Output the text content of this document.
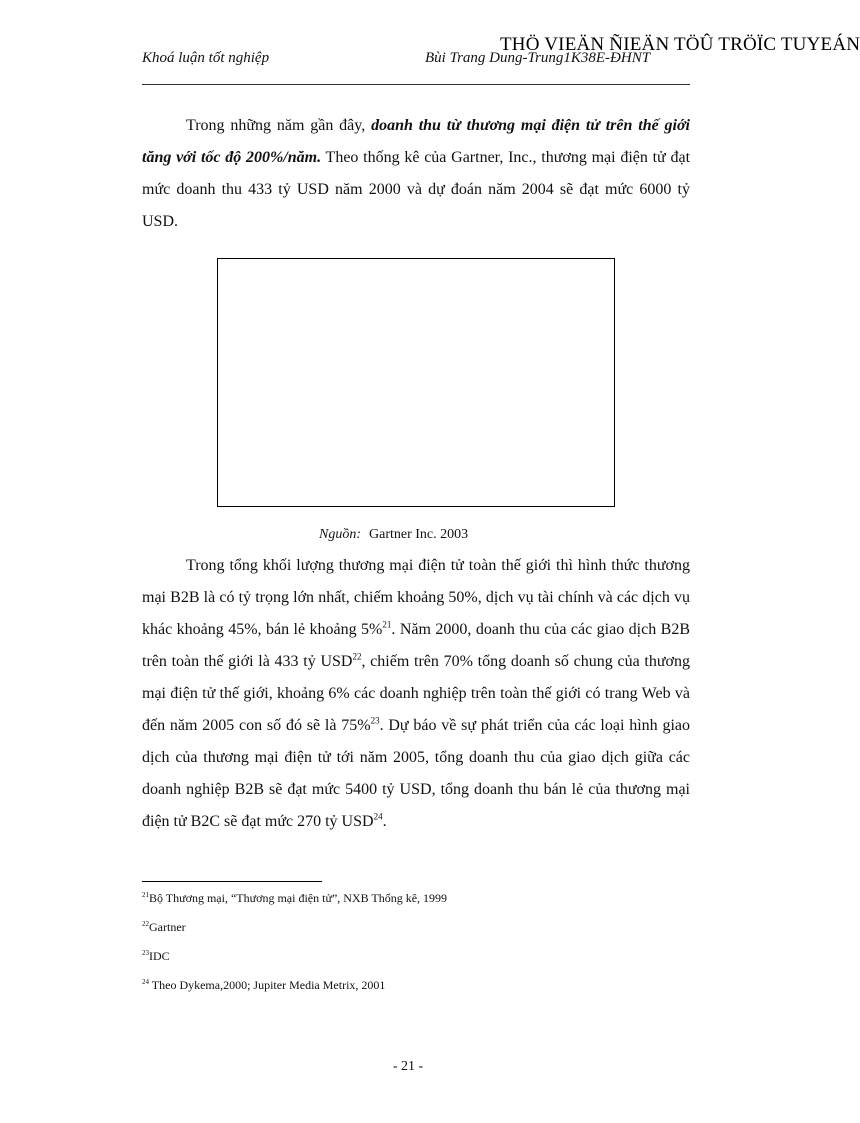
Khoá luận tốt nghiệp	Bùi Trang Dung-Trung1K38E-ĐHNT
THÖ VIEÄN ÑIEÄN TÖÛ TRÖÏC TUYEÁN
Trong những năm gần đây, doanh thu từ thương mại điện tử trên thế giới tăng với tốc độ 200%/năm. Theo thống kê của Gartner, Inc., thương mại điện tử đạt mức doanh thu 433 tỷ USD năm 2000 và dự đoán năm 2004 sẽ đạt mức 6000 tỷ USD.
Nguồn: Gartner Inc. 2003
Trong tổng khối lượng thương mại điện tử toàn thế giới thì hình thức thương mại B2B là có tỷ trọng lớn nhất, chiếm khoảng 50%, dịch vụ tài chính và các dịch vụ khác khoảng 45%, bán lẻ khoảng 5%$^{21}$. Năm 2000, doanh thu của các giao dịch B2B trên toàn thế giới là 433 tỷ USD$^{22}$, chiếm trên 70% tổng doanh số chung của thương mại điện tử thế giới, khoảng 6% các doanh nghiệp trên toàn thế giới có trang Web và đến năm 2005 con số đó sẽ là 75%$^{23}$. Dự báo về sự phát triển của các loại hình giao dịch của thương mại điện tử tới năm 2005, tổng doanh thu của giao dịch giữa các doanh nghiệp B2B sẽ đạt mức 5400 tỷ USD, tổng doanh thu bán lẻ của thương mại điện tử B2C sẽ đạt mức 270 tỷ USD$^{24}$.
$^{21}$Bộ Thương mại, “Thương mại điện tử”, NXB Thống kê, 1999
$^{22}$Gartner
$^{23}$IDC
$^{24}$ Theo Dykema,2000; Jupiter Media Metrix, 2001
- 21 -
